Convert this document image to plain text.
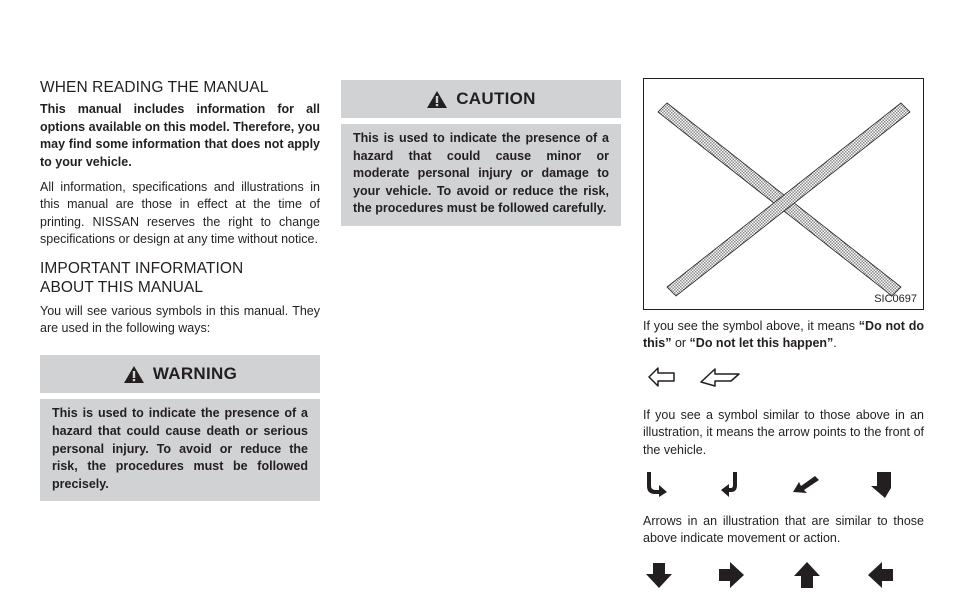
WHEN READING THE MANUAL

This manual includes information for all options available on this model. Therefore, you may find some information that does not apply to your vehicle.

All information, specifications and illustrations in this manual are those in effect at the time of printing. NISSAN reserves the right to change specifications or design at any time without notice.

IMPORTANT INFORMATION ABOUT THIS MANUAL

You will see various symbols in this manual. They are used in the following ways:

WARNING
This is used to indicate the presence of a hazard that could cause death or serious personal injury. To avoid or reduce the risk, the procedures must be followed precisely.
CAUTION
This is used to indicate the presence of a hazard that could cause minor or moderate personal injury or damage to your vehicle. To avoid or reduce the risk, the procedures must be followed carefully.
SIC0697

If you see the symbol above, it means “Do not do this” or “Do not let this happen”.

If you see a symbol similar to those above in an illustration, it means the arrow points to the front of the vehicle.

Arrows in an illustration that are similar to those above indicate movement or action.
